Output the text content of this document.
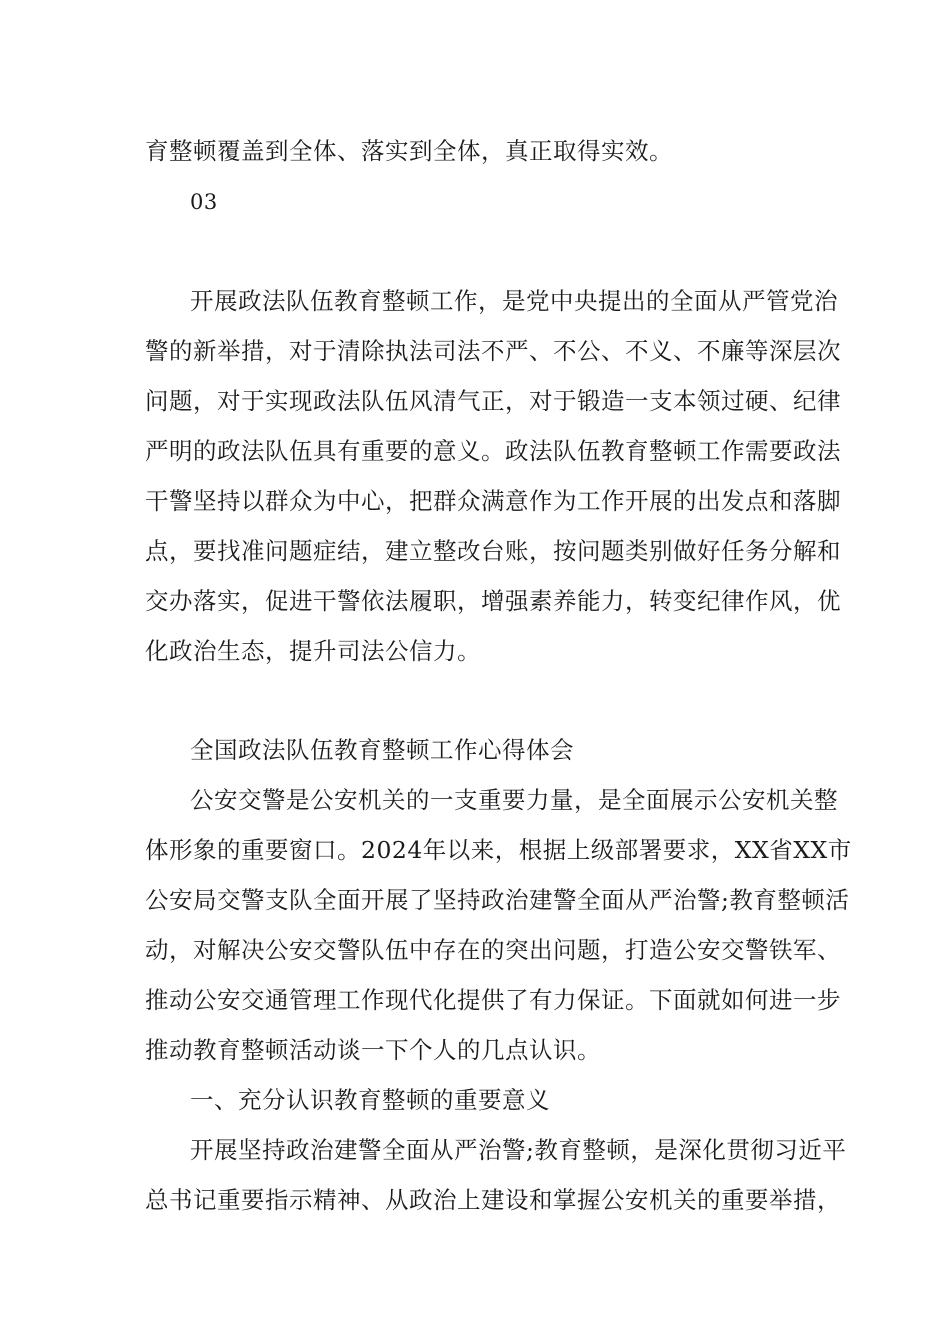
育整顿覆盖到全体、落实到全体，真正取得实效。
03
开展政法队伍教育整顿工作，是党中央提出的全面从严管党治
警的新举措，对于清除执法司法不严、不公、不义、不廉等深层次
问题，对于实现政法队伍风清气正，对于锻造一支本领过硬、纪律
严明的政法队伍具有重要的意义。政法队伍教育整顿工作需要政法
干警坚持以群众为中心，把群众满意作为工作开展的出发点和落脚
点，要找准问题症结，建立整改台账，按问题类别做好任务分解和
交办落实，促进干警依法履职，增强素养能力，转变纪律作风，优
化政治生态，提升司法公信力。
全国政法队伍教育整顿工作心得体会
公安交警是公安机关的一支重要力量，是全面展示公安机关整
体形象的重要窗口。2024年以来，根据上级部署要求，XX省XX市
公安局交警支队全面开展了坚持政治建警全面从严治警;教育整顿活
动，对解决公安交警队伍中存在的突出问题，打造公安交警铁军、
推动公安交通管理工作现代化提供了有力保证。下面就如何进一步
推动教育整顿活动谈一下个人的几点认识。
一、充分认识教育整顿的重要意义
开展坚持政治建警全面从严治警;教育整顿，是深化贯彻习近平
总书记重要指示精神、从政治上建设和掌握公安机关的重要举措，
